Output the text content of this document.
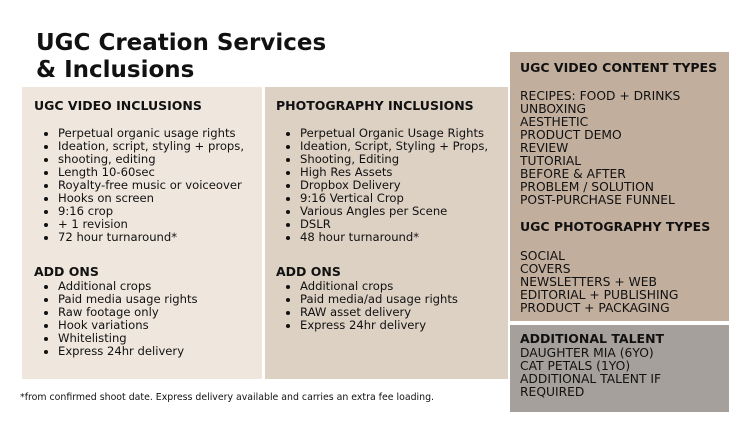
UGC Creation Services
& Inclusions
UGC VIDEO INCLUSIONS
Perpetual organic usage rights
Ideation, script, styling + props,
shooting, editing
Length 10-60sec
Royalty-free music or voiceover
Hooks on screen
9:16 crop
+ 1 revision
72 hour turnaround*
ADD ONS
Additional crops
Paid media usage rights
Raw footage only
Hook variations
Whitelisting
Express 24hr delivery
PHOTOGRAPHY INCLUSIONS
Perpetual Organic Usage Rights
Ideation, Script, Styling + Props,
Shooting, Editing
High Res Assets
Dropbox Delivery
9:16 Vertical Crop
Various Angles per Scene
DSLR
48 hour turnaround*
ADD ONS
Additional crops
Paid media/ad usage rights
RAW asset delivery
Express 24hr delivery
UGC VIDEO CONTENT TYPES
RECIPES: FOOD + DRINKS
UNBOXING
AESTHETIC
PRODUCT DEMO
REVIEW
TUTORIAL
BEFORE & AFTER
PROBLEM / SOLUTION
POST-PURCHASE FUNNEL
UGC PHOTOGRAPHY TYPES
SOCIAL
COVERS
NEWSLETTERS + WEB
EDITORIAL + PUBLISHING
PRODUCT + PACKAGING
ADDITIONAL TALENT
DAUGHTER MIA (6YO)
CAT PETALS (1YO)
ADDITIONAL TALENT IF
REQUIRED

*from confirmed shoot date. Express delivery available and carries an extra fee loading.
